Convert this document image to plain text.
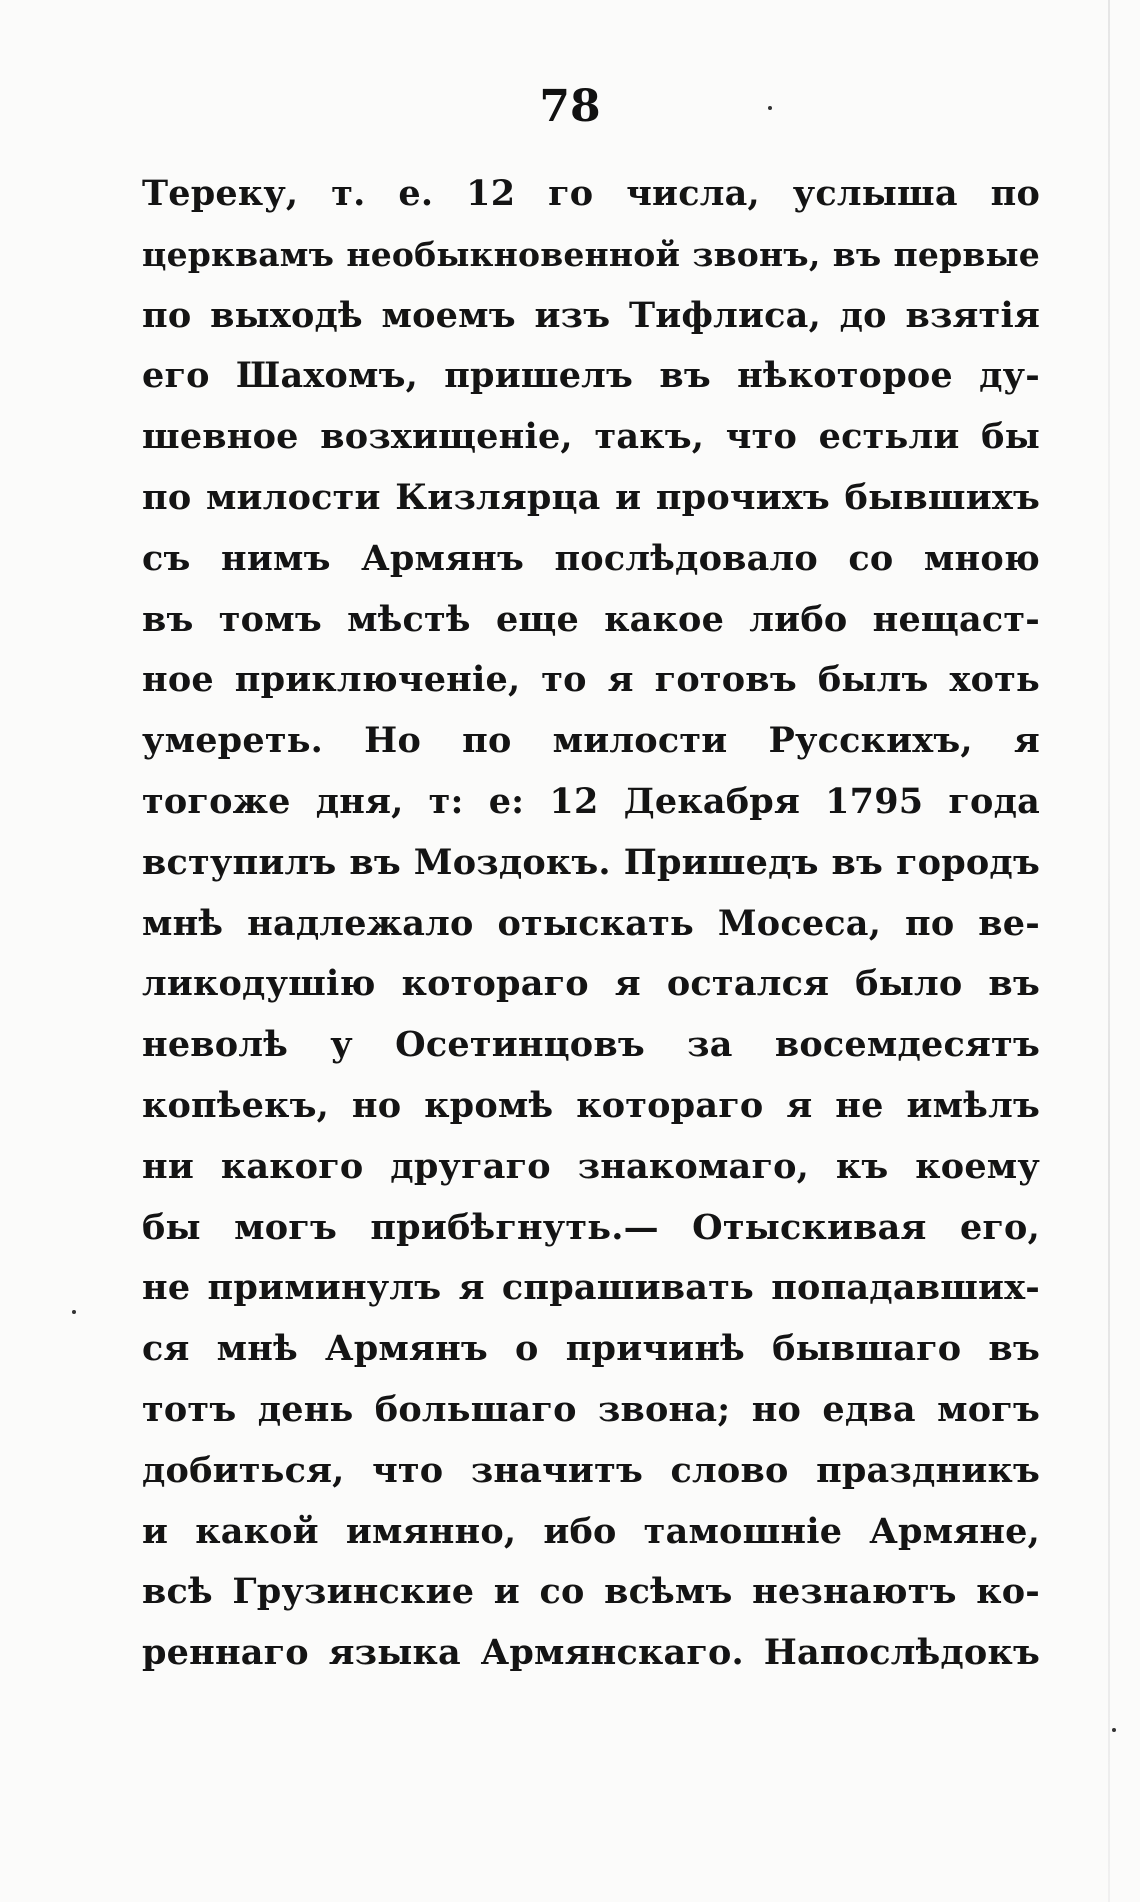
78
Тереку, т. е. 12 го числа, услыша по
церквамъ необыкновенной звонъ, въ первые
по выходѣ моемъ изъ Тифлиса, до взятія
его Шахомъ, пришелъ въ нѣкоторое ду-
шевное возхищеніе, такъ, что естьли бы
по милости Кизлярца и прочихъ бывшихъ
съ нимъ Армянъ послѣдовало со мною
въ томъ мѣстѣ еще какое либо нещаст-
ное приключеніе, то я готовъ былъ хоть
умереть. Но по милости Русскихъ, я
тогоже дня, т: е: 12 Декабря 1795 года
вступилъ въ Моздокъ. Пришедъ въ городъ
мнѣ надлежало отыскать Мосеса, по ве-
ликодушію котораго я остался было въ
неволѣ у Осетинцовъ за восемдесятъ
копѣекъ, но кромѣ котораго я не имѣлъ
ни какого другаго знакомаго, къ коему
бы могъ прибѣгнуть.— Отыскивая его,
не приминулъ я спрашивать попадавших-
ся мнѣ Армянъ о причинѣ бывшаго въ
тотъ день большаго звона; но едва могъ
добиться, что значитъ слово праздникъ
и какой имянно, ибо тамошніе Армяне,
всѣ Грузинские и со всѣмъ незнаютъ ко-
реннаго языка Армянскаго. Напослѣдокъ
